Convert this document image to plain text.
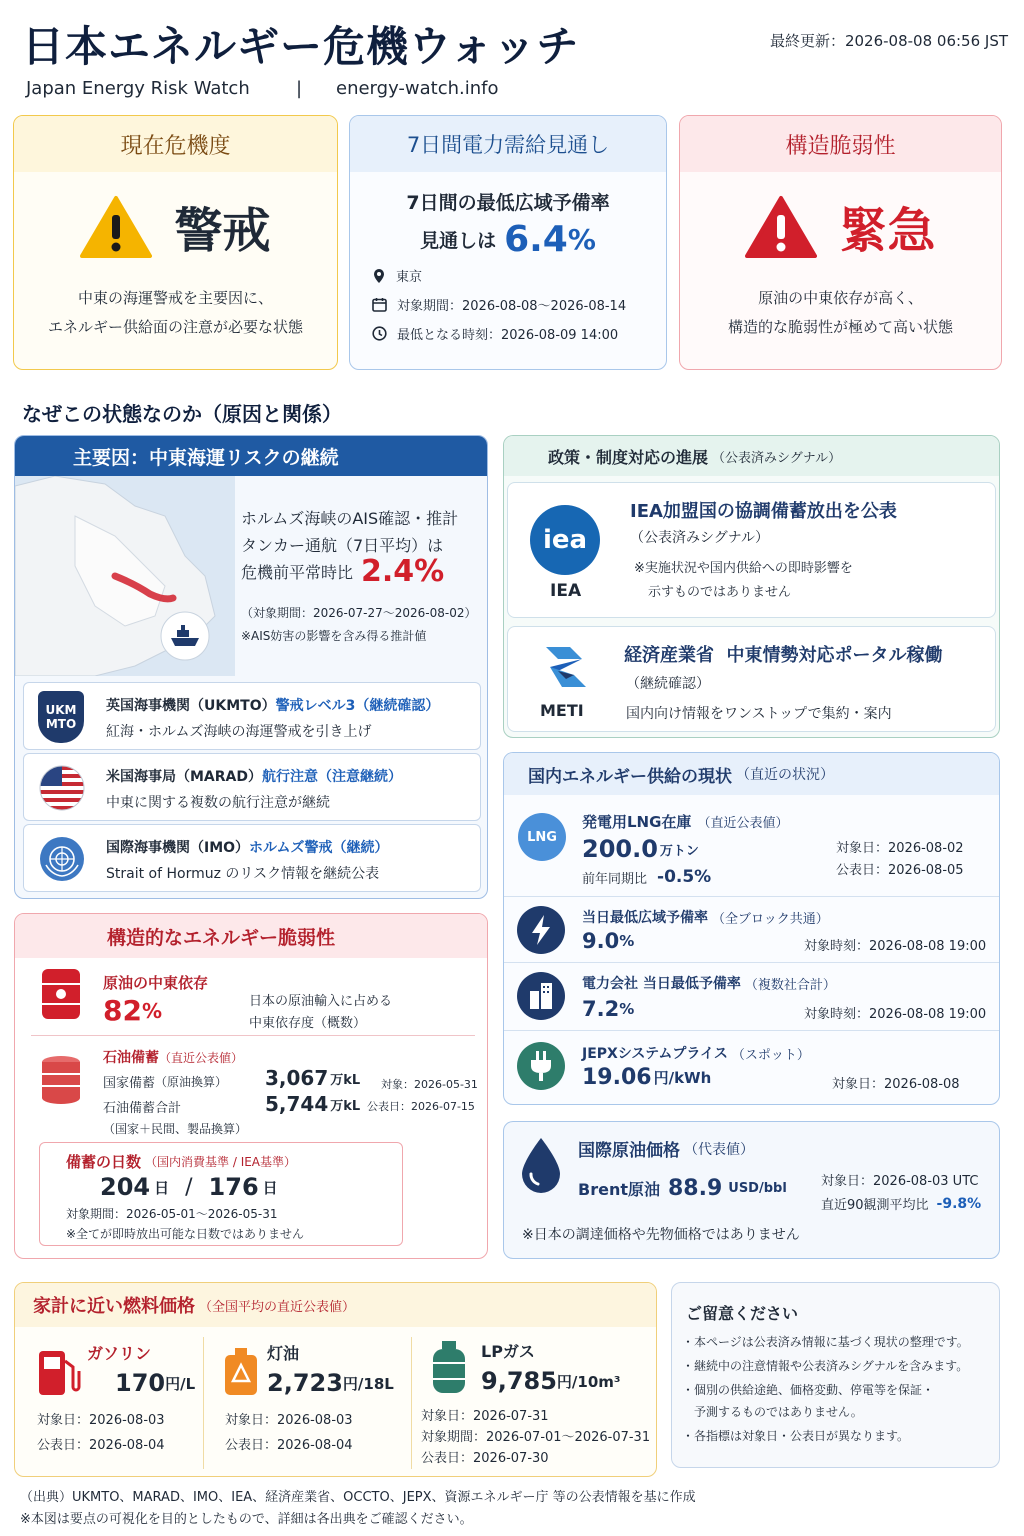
日本エネルギー危機ウォッチ
Japan Energy Risk Watch	| energy-watch.info
最終更新：2026-08-08 06:56 JST
現在危機度
警戒
中東の海運警戒を主要因に、
エネルギー供給面の注意が必要な状態
7日間電力需給見通し
7日間の最低広域予備率
見通しは 6.4 %
東京
対象期間：2026-08-08〜2026-08-14
最低となる時刻：2026-08-09 14:00
構造脆弱性
緊急
原油の中東依存が高く、
構造的な脆弱性が極めて高い状態
なぜこの状態なのか（原因と関係）
主要因：中東海運リスクの継続
ホルムズ海峡のAIS確認・推計
タンカー通航（7日平均）は
危機前平常時比 2.4%
（対象期間：2026-07-27〜2026-08-02）
※AIS妨害の影響を含み得る推計値
UKM MTO
英国海事機関（UKMTO） 警戒レベル3（継続確認）
紅海・ホルムズ海峡の海運警戒を引き上げ
米国海事局（MARAD） 航行注意（注意継続）
中東に関する複数の航行注意が継続
国際海事機関（IMO） ホルムズ警戒（継続）
Strait of Hormuz のリスク情報を継続公表
構造的なエネルギー脆弱性
原油の中東依存
82 %	日本の原油輸入に占める
中東依存度（概数）
石油備蓄 （直近公表値）
国家備蓄 （原油換算） 3,067 万kL
石油備蓄合計	5,744 万kL
（国家＋民間、製品換算）
対象：2026-05-31
公表日：2026-07-15
備蓄の日数 （国内消費基準 / IEA基準）
204 日 / 176 日
対象期間：2026-05-01〜2026-05-31
※全てが即時放出可能な日数ではありません
政策・制度対応の進展 （公表済みシグナル）
iea
IEA
IEA加盟国の協調備蓄放出を公表
（公表済みシグナル）
※実施状況や国内供給への即時影響を
示すものではありません
METI
経済産業省  中東情勢対応ポータル稼働
（継続確認）
国内向け情報をワンストップで集約・案内
国内エネルギー供給の現状 （直近の状況）
LNG
発電用LNG在庫 （直近公表値）
200.0 万トン
前年同期比 -0.5%
対象日：2026-08-02
公表日：2026-08-05
当日最低広域予備率 （全ブロック共通）
9.0 %	対象時刻：2026-08-08 19:00
電力会社 当日最低予備率 （複数社合計）
7.2 %	対象時刻：2026-08-08 19:00
JEPXシステムプライス （スポット）
19.06 円/kWh	対象日：2026-08-08
国際原油価格 （代表値）
Brent原油 88.9 USD/bbl	対象日：2026-08-03 UTC
直近90観測平均比 -9.8%
※日本の調達価格や先物価格ではありません
家計に近い燃料価格 （全国平均の直近公表値）
ガソリン
170 円/L
対象日：2026-08-03
公表日：2026-08-04
灯油
2,723 円/18L
対象日：2026-08-03
公表日：2026-08-04
LPガス
9,785 円/10m³
対象日：2026-07-31
対象期間：2026-07-01〜2026-07-31
公表日：2026-07-30
ご留意ください
・本ページは公表済み情報に基づく現状の整理です。
・継続中の注意情報や公表済みシグナルを含みます。
・個別の供給途絶、価格変動、停電等を保証・
　予測するものではありません。
・各指標は対象日・公表日が異なります。
（出典）UKMTO、MARAD、IMO、IEA、経済産業省、OCCTO、JEPX、資源エネルギー庁 等の公表情報を基に作成
※本図は要点の可視化を目的としたもので、詳細は各出典をご確認ください。
